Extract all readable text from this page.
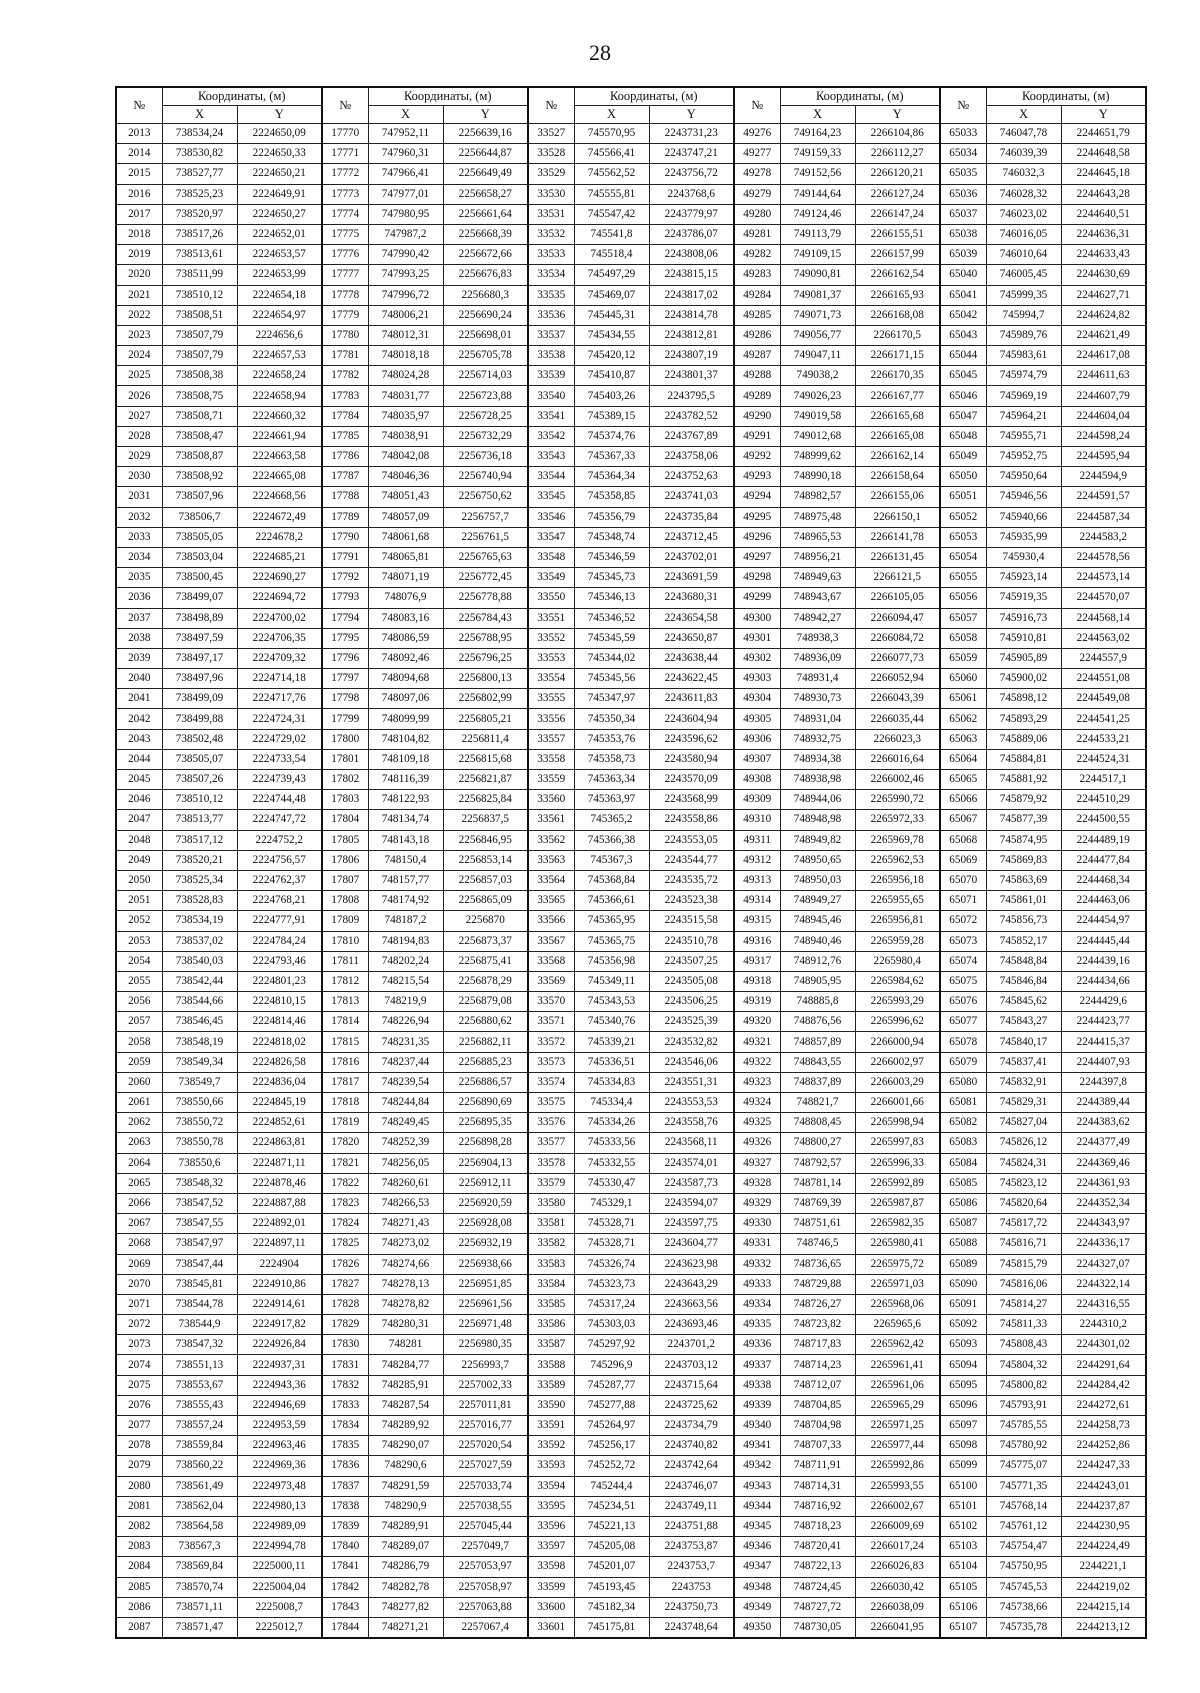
28
№	Координаты, (м)		№	Координаты, (м)		№	Координаты, (м)		№	Координаты, (м)		№	Координаты, (м)	
	X	Y		X	Y		X	Y		X	Y		X	Y
2013	738534,24	2224650,09	17770	747952,11	2256639,16	33527	745570,95	2243731,23	49276	749164,23	2266104,86	65033	746047,78	2244651,79
2014	738530,82	2224650,33	17771	747960,31	2256644,87	33528	745566,41	2243747,21	49277	749159,33	2266112,27	65034	746039,39	2244648,58
2015	738527,77	2224650,21	17772	747966,41	2256649,49	33529	745562,52	2243756,72	49278	749152,56	2266120,21	65035	746032,3	2244645,18
2016	738525,23	2224649,91	17773	747977,01	2256658,27	33530	745555,81	2243768,6	49279	749144,64	2266127,24	65036	746028,32	2244643,28
2017	738520,97	2224650,27	17774	747980,95	2256661,64	33531	745547,42	2243779,97	49280	749124,46	2266147,24	65037	746023,02	2244640,51
2018	738517,26	2224652,01	17775	747987,2	2256668,39	33532	745541,8	2243786,07	49281	749113,79	2266155,51	65038	746016,05	2244636,31
2019	738513,61	2224653,57	17776	747990,42	2256672,66	33533	745518,4	2243808,06	49282	749109,15	2266157,99	65039	746010,64	2244633,43
2020	738511,99	2224653,99	17777	747993,25	2256676,83	33534	745497,29	2243815,15	49283	749090,81	2266162,54	65040	746005,45	2244630,69
2021	738510,12	2224654,18	17778	747996,72	2256680,3	33535	745469,07	2243817,02	49284	749081,37	2266165,93	65041	745999,35	2244627,71
2022	738508,51	2224654,97	17779	748006,21	2256690,24	33536	745445,31	2243814,78	49285	749071,73	2266168,08	65042	745994,7	2244624,82
2023	738507,79	2224656,6	17780	748012,31	2256698,01	33537	745434,55	2243812,81	49286	749056,77	2266170,5	65043	745989,76	2244621,49
2024	738507,79	2224657,53	17781	748018,18	2256705,78	33538	745420,12	2243807,19	49287	749047,11	2266171,15	65044	745983,61	2244617,08
2025	738508,38	2224658,24	17782	748024,28	2256714,03	33539	745410,87	2243801,37	49288	749038,2	2266170,35	65045	745974,79	2244611,63
2026	738508,75	2224658,94	17783	748031,77	2256723,88	33540	745403,26	2243795,5	49289	749026,23	2266167,77	65046	745969,19	2244607,79
2027	738508,71	2224660,32	17784	748035,97	2256728,25	33541	745389,15	2243782,52	49290	749019,58	2266165,68	65047	745964,21	2244604,04
2028	738508,47	2224661,94	17785	748038,91	2256732,29	33542	745374,76	2243767,89	49291	749012,68	2266165,08	65048	745955,71	2244598,24
2029	738508,87	2224663,58	17786	748042,08	2256736,18	33543	745367,33	2243758,06	49292	748999,62	2266162,14	65049	745952,75	2244595,94
2030	738508,92	2224665,08	17787	748046,36	2256740,94	33544	745364,34	2243752,63	49293	748990,18	2266158,64	65050	745950,64	2244594,9
2031	738507,96	2224668,56	17788	748051,43	2256750,62	33545	745358,85	2243741,03	49294	748982,57	2266155,06	65051	745946,56	2244591,57
2032	738506,7	2224672,49	17789	748057,09	2256757,7	33546	745356,79	2243735,84	49295	748975,48	2266150,1	65052	745940,66	2244587,34
2033	738505,05	2224678,2	17790	748061,68	2256761,5	33547	745348,74	2243712,45	49296	748965,53	2266141,78	65053	745935,99	2244583,2
2034	738503,04	2224685,21	17791	748065,81	2256765,63	33548	745346,59	2243702,01	49297	748956,21	2266131,45	65054	745930,4	2244578,56
2035	738500,45	2224690,27	17792	748071,19	2256772,45	33549	745345,73	2243691,59	49298	748949,63	2266121,5	65055	745923,14	2244573,14
2036	738499,07	2224694,72	17793	748076,9	2256778,88	33550	745346,13	2243680,31	49299	748943,67	2266105,05	65056	745919,35	2244570,07
2037	738498,89	2224700,02	17794	748083,16	2256784,43	33551	745346,52	2243654,58	49300	748942,27	2266094,47	65057	745916,73	2244568,14
2038	738497,59	2224706,35	17795	748086,59	2256788,95	33552	745345,59	2243650,87	49301	748938,3	2266084,72	65058	745910,81	2244563,02
2039	738497,17	2224709,32	17796	748092,46	2256796,25	33553	745344,02	2243638,44	49302	748936,09	2266077,73	65059	745905,89	2244557,9
2040	738497,96	2224714,18	17797	748094,68	2256800,13	33554	745345,56	2243622,45	49303	748931,4	2266052,94	65060	745900,02	2244551,08
2041	738499,09	2224717,76	17798	748097,06	2256802,99	33555	745347,97	2243611,83	49304	748930,73	2266043,39	65061	745898,12	2244549,08
2042	738499,88	2224724,31	17799	748099,99	2256805,21	33556	745350,34	2243604,94	49305	748931,04	2266035,44	65062	745893,29	2244541,25
2043	738502,48	2224729,02	17800	748104,82	2256811,4	33557	745353,76	2243596,62	49306	748932,75	2266023,3	65063	745889,06	2244533,21
2044	738505,07	2224733,54	17801	748109,18	2256815,68	33558	745358,73	2243580,94	49307	748934,38	2266016,64	65064	745884,81	2244524,31
2045	738507,26	2224739,43	17802	748116,39	2256821,87	33559	745363,34	2243570,09	49308	748938,98	2266002,46	65065	745881,92	2244517,1
2046	738510,12	2224744,48	17803	748122,93	2256825,84	33560	745363,97	2243568,99	49309	748944,06	2265990,72	65066	745879,92	2244510,29
2047	738513,77	2224747,72	17804	748134,74	2256837,5	33561	745365,2	2243558,86	49310	748948,98	2265972,33	65067	745877,39	2244500,55
2048	738517,12	2224752,2	17805	748143,18	2256846,95	33562	745366,38	2243553,05	49311	748949,82	2265969,78	65068	745874,95	2244489,19
2049	738520,21	2224756,57	17806	748150,4	2256853,14	33563	745367,3	2243544,77	49312	748950,65	2265962,53	65069	745869,83	2244477,84
2050	738525,34	2224762,37	17807	748157,77	2256857,03	33564	745368,84	2243535,72	49313	748950,03	2265956,18	65070	745863,69	2244468,34
2051	738528,83	2224768,21	17808	748174,92	2256865,09	33565	745366,61	2243523,38	49314	748949,27	2265955,65	65071	745861,01	2244463,06
2052	738534,19	2224777,91	17809	748187,2	2256870	33566	745365,95	2243515,58	49315	748945,46	2265956,81	65072	745856,73	2244454,97
2053	738537,02	2224784,24	17810	748194,83	2256873,37	33567	745365,75	2243510,78	49316	748940,46	2265959,28	65073	745852,17	2244445,44
2054	738540,03	2224793,46	17811	748202,24	2256875,41	33568	745356,98	2243507,25	49317	748912,76	2265980,4	65074	745848,84	2244439,16
2055	738542,44	2224801,23	17812	748215,54	2256878,29	33569	745349,11	2243505,08	49318	748905,95	2265984,62	65075	745846,84	2244434,66
2056	738544,66	2224810,15	17813	748219,9	2256879,08	33570	745343,53	2243506,25	49319	748885,8	2265993,29	65076	745845,62	2244429,6
2057	738546,45	2224814,46	17814	748226,94	2256880,62	33571	745340,76	2243525,39	49320	748876,56	2265996,62	65077	745843,27	2244423,77
2058	738548,19	2224818,02	17815	748231,35	2256882,11	33572	745339,21	2243532,82	49321	748857,89	2266000,94	65078	745840,17	2244415,37
2059	738549,34	2224826,58	17816	748237,44	2256885,23	33573	745336,51	2243546,06	49322	748843,55	2266002,97	65079	745837,41	2244407,93
2060	738549,7	2224836,04	17817	748239,54	2256886,57	33574	745334,83	2243551,31	49323	748837,89	2266003,29	65080	745832,91	2244397,8
2061	738550,66	2224845,19	17818	748244,84	2256890,69	33575	745334,4	2243553,53	49324	748821,7	2266001,66	65081	745829,31	2244389,44
2062	738550,72	2224852,61	17819	748249,45	2256895,35	33576	745334,26	2243558,76	49325	748808,45	2265998,94	65082	745827,04	2244383,62
2063	738550,78	2224863,81	17820	748252,39	2256898,28	33577	745333,56	2243568,11	49326	748800,27	2265997,83	65083	745826,12	2244377,49
2064	738550,6	2224871,11	17821	748256,05	2256904,13	33578	745332,55	2243574,01	49327	748792,57	2265996,33	65084	745824,31	2244369,46
2065	738548,32	2224878,46	17822	748260,61	2256912,11	33579	745330,47	2243587,73	49328	748781,14	2265992,89	65085	745823,12	2244361,93
2066	738547,52	2224887,88	17823	748266,53	2256920,59	33580	745329,1	2243594,07	49329	748769,39	2265987,87	65086	745820,64	2244352,34
2067	738547,55	2224892,01	17824	748271,43	2256928,08	33581	745328,71	2243597,75	49330	748751,61	2265982,35	65087	745817,72	2244343,97
2068	738547,97	2224897,11	17825	748273,02	2256932,19	33582	745328,71	2243604,77	49331	748746,5	2265980,41	65088	745816,71	2244336,17
2069	738547,44	2224904	17826	748274,66	2256938,66	33583	745326,74	2243623,98	49332	748736,65	2265975,72	65089	745815,79	2244327,07
2070	738545,81	2224910,86	17827	748278,13	2256951,85	33584	745323,73	2243643,29	49333	748729,88	2265971,03	65090	745816,06	2244322,14
2071	738544,78	2224914,61	17828	748278,82	2256961,56	33585	745317,24	2243663,56	49334	748726,27	2265968,06	65091	745814,27	2244316,55
2072	738544,9	2224917,82	17829	748280,31	2256971,48	33586	745303,03	2243693,46	49335	748723,82	2265965,6	65092	745811,33	2244310,2
2073	738547,32	2224926,84	17830	748281	2256980,35	33587	745297,92	2243701,2	49336	748717,83	2265962,42	65093	745808,43	2244301,02
2074	738551,13	2224937,31	17831	748284,77	2256993,7	33588	745296,9	2243703,12	49337	748714,23	2265961,41	65094	745804,32	2244291,64
2075	738553,67	2224943,36	17832	748285,91	2257002,33	33589	745287,77	2243715,64	49338	748712,07	2265961,06	65095	745800,82	2244284,42
2076	738555,43	2224946,69	17833	748287,54	2257011,81	33590	745277,88	2243725,62	49339	748704,85	2265965,29	65096	745793,91	2244272,61
2077	738557,24	2224953,59	17834	748289,92	2257016,77	33591	745264,97	2243734,79	49340	748704,98	2265971,25	65097	745785,55	2244258,73
2078	738559,84	2224963,46	17835	748290,07	2257020,54	33592	745256,17	2243740,82	49341	748707,33	2265977,44	65098	745780,92	2244252,86
2079	738560,22	2224969,36	17836	748290,6	2257027,59	33593	745252,72	2243742,64	49342	748711,91	2265992,86	65099	745775,07	2244247,33
2080	738561,49	2224973,48	17837	748291,59	2257033,74	33594	745244,4	2243746,07	49343	748714,31	2265993,55	65100	745771,35	2244243,01
2081	738562,04	2224980,13	17838	748290,9	2257038,55	33595	745234,51	2243749,11	49344	748716,92	2266002,67	65101	745768,14	2244237,87
2082	738564,58	2224989,09	17839	748289,91	2257045,44	33596	745221,13	2243751,88	49345	748718,23	2266009,69	65102	745761,12	2244230,95
2083	738567,3	2224994,78	17840	748289,07	2257049,7	33597	745205,08	2243753,87	49346	748720,41	2266017,24	65103	745754,47	2244224,49
2084	738569,84	2225000,11	17841	748286,79	2257053,97	33598	745201,07	2243753,7	49347	748722,13	2266026,83	65104	745750,95	2244221,1
2085	738570,74	2225004,04	17842	748282,78	2257058,97	33599	745193,45	2243753	49348	748724,45	2266030,42	65105	745745,53	2244219,02
2086	738571,11	2225008,7	17843	748277,82	2257063,88	33600	745182,34	2243750,73	49349	748727,72	2266038,09	65106	745738,66	2244215,14
2087	738571,47	2225012,7	17844	748271,21	2257067,4	33601	745175,81	2243748,64	49350	748730,05	2266041,95	65107	745735,78	2244213,12
